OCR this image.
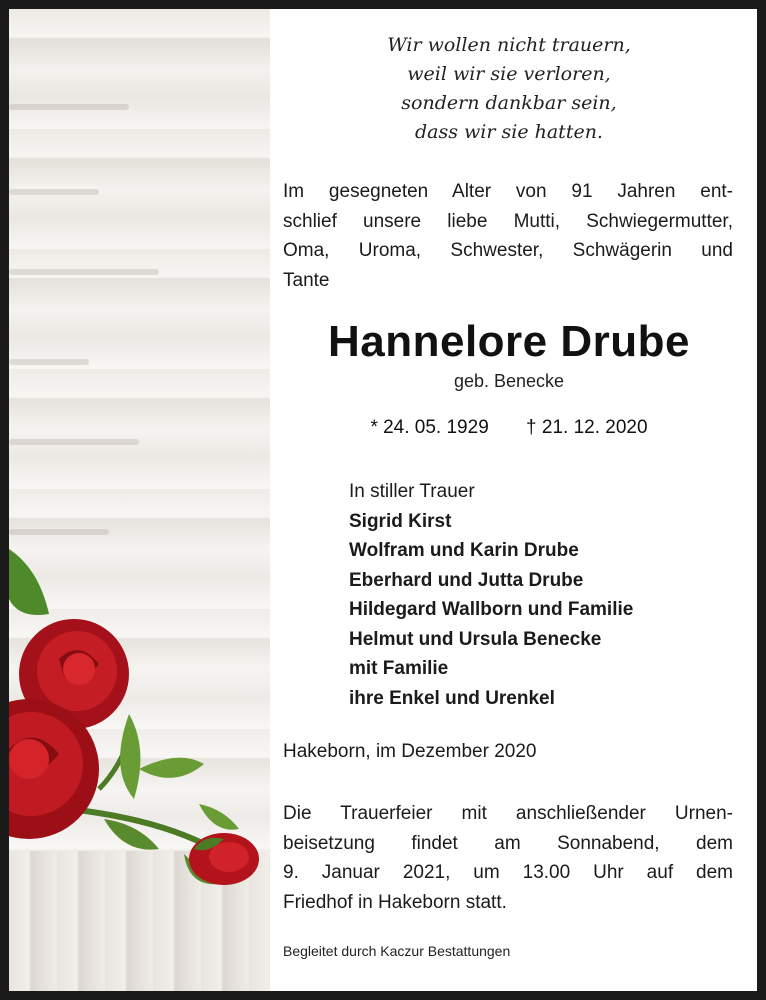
Wir wollen nicht trauern,
weil wir sie verloren,
sondern dankbar sein,
dass wir sie hatten.
Im gesegneten Alter von 91 Jahren ent-
schlief unsere liebe Mutti, Schwiegermutter,
Oma, Uroma, Schwester, Schwägerin und
Tante
Hannelore Drube
geb. Benecke
* 24. 05. 1929 † 21. 12. 2020
In stiller Trauer
Sigrid Kirst
Wolfram und Karin Drube
Eberhard und Jutta Drube
Hildegard Wallborn und Familie
Helmut und Ursula Benecke
mit Familie
ihre Enkel und Urenkel
Hakeborn, im Dezember 2020
Die Trauerfeier mit anschließender Urnen-
beisetzung findet am Sonnabend, dem
9. Januar 2021, um 13.00 Uhr auf dem
Friedhof in Hakeborn statt.
Begleitet durch Kaczur Bestattungen
